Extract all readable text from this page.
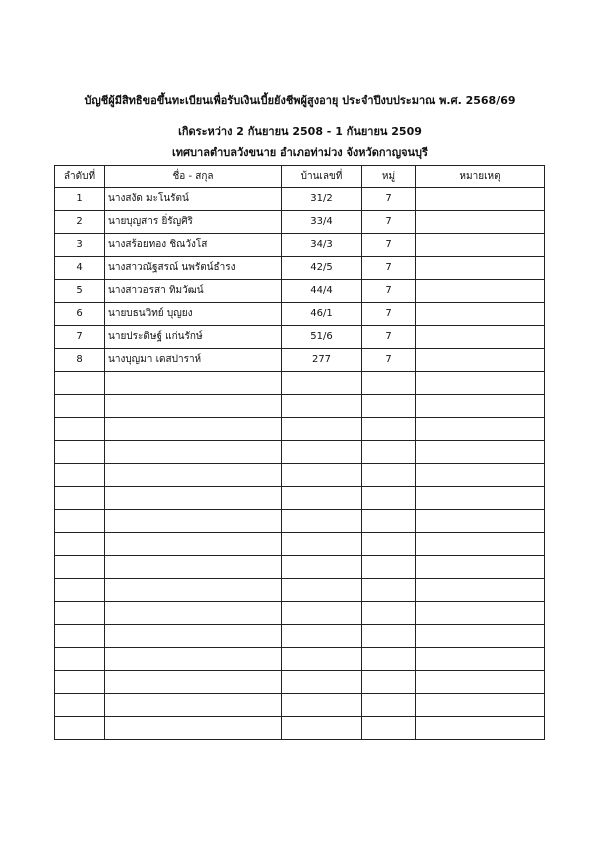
บัญชีผู้มีสิทธิขอขึ้นทะเบียนเพื่อรับเงินเบี้ยยังชีพผู้สูงอายุ ประจำปีงบประมาณ พ.ศ. 2568/69
เกิดระหว่าง 2 กันยายน 2508 - 1 กันยายน 2509
เทศบาลตำบลวังขนาย อำเภอท่าม่วง จังหวัดกาญจนบุรี
ลำดับที่	ชื่อ - สกุล	บ้านเลขที่	หมู่	หมายเหตุ
1	นางสงัด มะโนรัตน์	31/2	7	
2	นายบุญสาร ยิ่รัญศิริ	33/4	7	
3	นางสร้อยทอง ชิณวังโส	34/3	7	
4	นางสาวณัฐสรณ์ นพรัตน์ธำรง	42/5	7	
5	นางสาวอรสา ทิมวัฒน์	44/4	7	
6	นายบธนวิทย์ บุญยง	46/1	7	
7	นายประดิษฐ์ แก่นรักษ์	51/6	7	
8	นางบุญมา เดสปาราห์	277	7	
